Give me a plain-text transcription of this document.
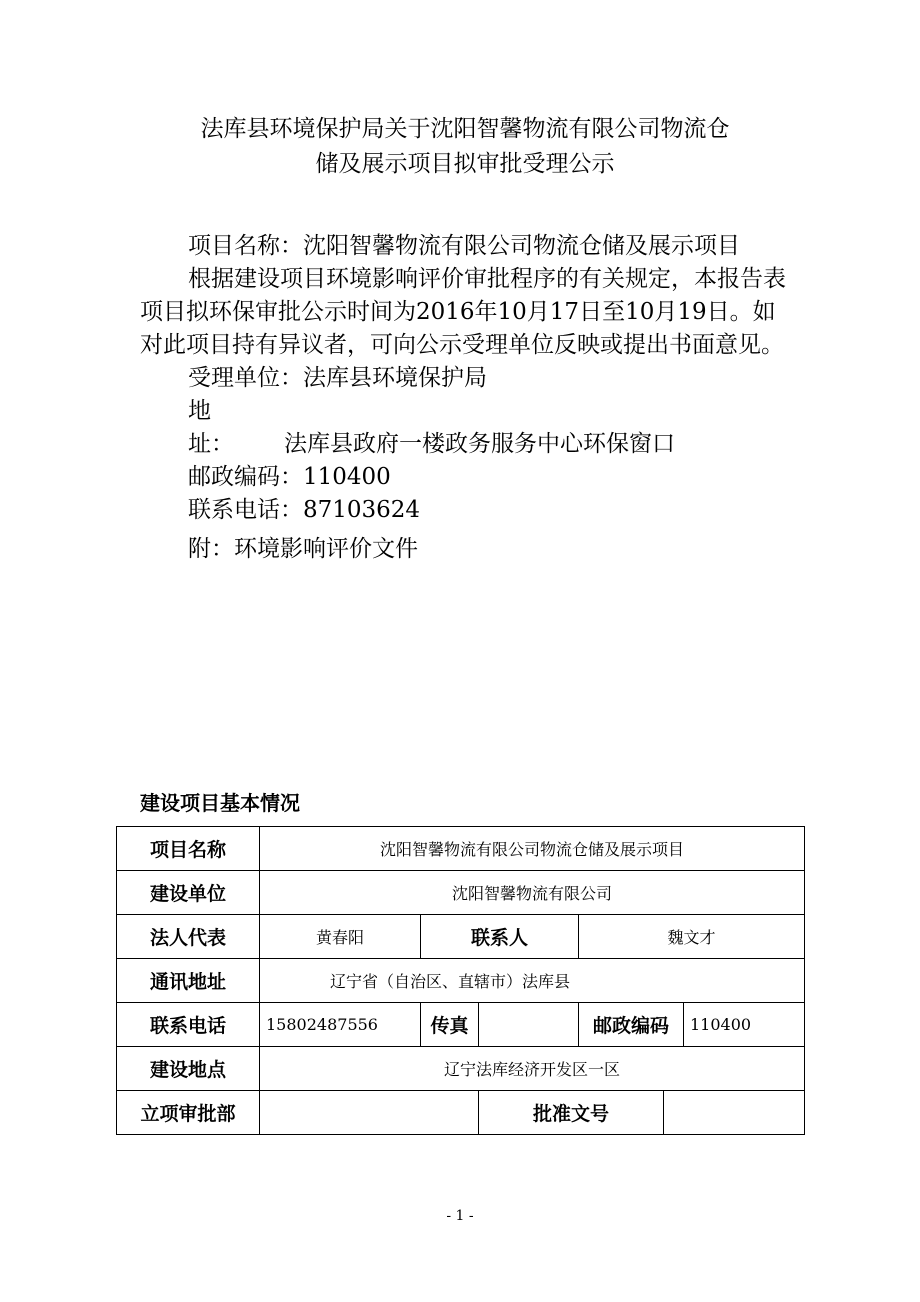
法库县环境保护局关于沈阳智馨物流有限公司物流仓
储及展示项目拟审批受理公示

项目名称：沈阳智馨物流有限公司物流仓储及展示项目

根据建设项目环境影响评价审批程序的有关规定，本报告表项目拟环保审批公示时间为2016年10月17日至10月19日。如对此项目持有异议者，可向公示受理单位反映或提出书面意见。

受理单位：法库县环境保护局

地　　址： 法库县政府一楼政务服务中心环保窗口

邮政编码：110400

联系电话：87103624

附：环境影响评价文件

建设项目基本情况
项目名称	沈阳智馨物流有限公司物流仓储及展示项目					
建设单位	沈阳智馨物流有限公司					
法人代表	黄春阳	联系人		魏文才		
通讯地址	辽宁省（自治区、直辖市）法库县					
联系电话	15802487556	传真		邮政编码		110400
建设地点	辽宁法库经济开发区一区					
立项审批部			批准文号			
- 1 -
